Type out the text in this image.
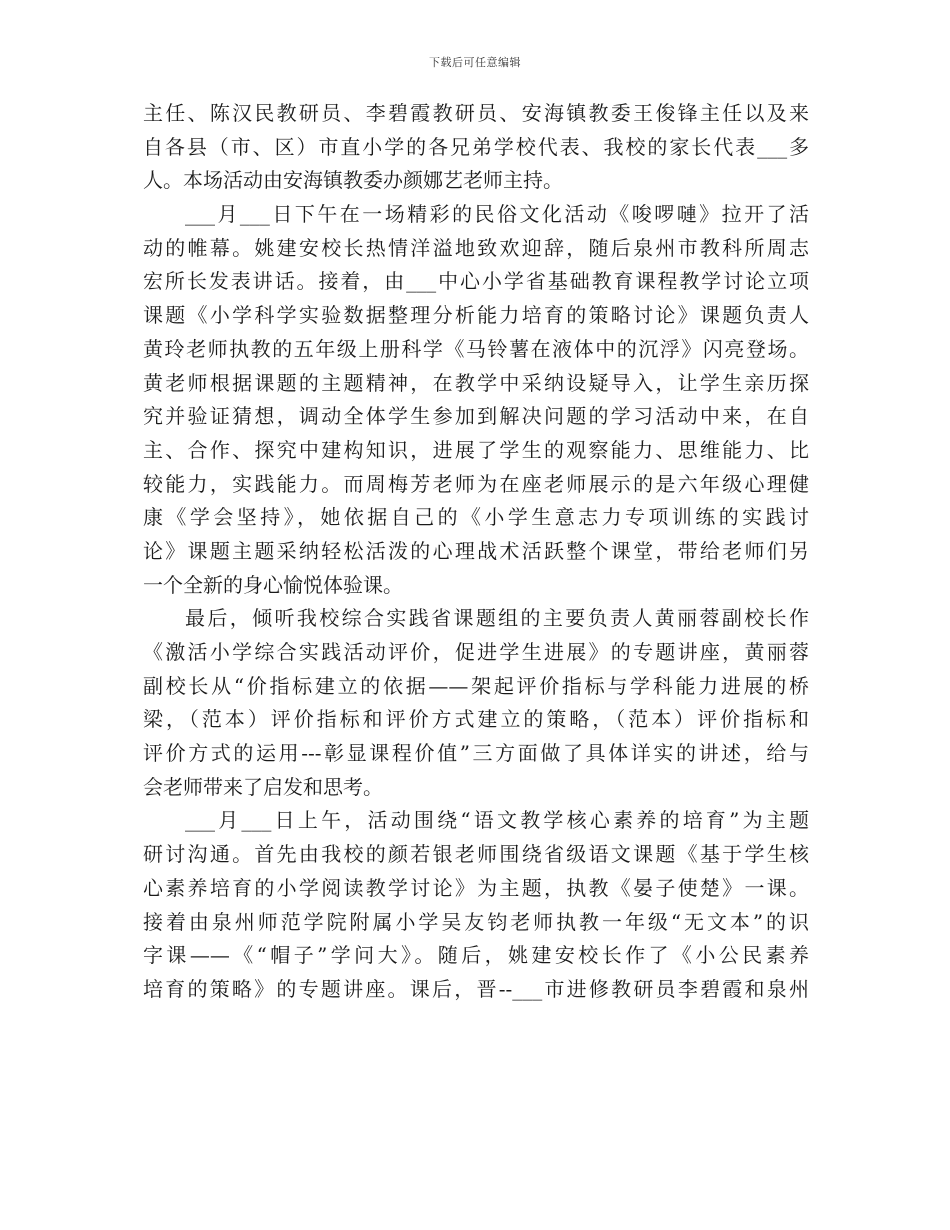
下载后可任意编辑
主任、陈汉民教研员、李碧霞教研员、安海镇教委王俊锋主任以及来
自各县（市、区）市直小学的各兄弟学校代表、我校的家长代表___多
人。本场活动由安海镇教委办颜娜艺老师主持。
___月___日下午在一场精彩的民俗文化活动《唆啰嗹》拉开了活
动的帷幕。姚建安校长热情洋溢地致欢迎辞，随后泉州市教科所周志
宏所长发表讲话。接着，由___中心小学省基础教育课程教学讨论立项
课题《小学科学实验数据整理分析能力培育的策略讨论》课题负责人
黄玲老师执教的五年级上册科学《马铃薯在液体中的沉浮》闪亮登场。
黄老师根据课题的主题精神，在教学中采纳设疑导入，让学生亲历探
究并验证猜想，调动全体学生参加到解决问题的学习活动中来，在自
主、合作、探究中建构知识，进展了学生的观察能力、思维能力、比
较能力，实践能力。而周梅芳老师为在座老师展示的是六年级心理健
康《学会坚持》，她依据自己的《小学生意志力专项训练的实践讨
论》课题主题采纳轻松活泼的心理战术活跃整个课堂，带给老师们另
一个全新的身心愉悦体验课。
最后，倾听我校综合实践省课题组的主要负责人黄丽蓉副校长作
《激活小学综合实践活动评价，促进学生进展》的专题讲座，黄丽蓉
副校长从“价指标建立的依据——架起评价指标与学科能力进展的桥
梁，（范本）评价指标和评价方式建立的策略，（范本）评价指标和
评价方式的运用---彰显课程价值”三方面做了具体详实的讲述，给与
会老师带来了启发和思考。
___月___日上午，活动围绕“语文教学核心素养的培育”为主题
研讨沟通。首先由我校的颜若银老师围绕省级语文课题《基于学生核
心素养培育的小学阅读教学讨论》为主题，执教《晏子使楚》一课。
接着由泉州师范学院附属小学吴友钧老师执教一年级“无文本”的识
字课——《“帽子”学问大》。随后，姚建安校长作了《小公民素养
培育的策略》的专题讲座。课后，晋--___市进修教研员李碧霞和泉州
